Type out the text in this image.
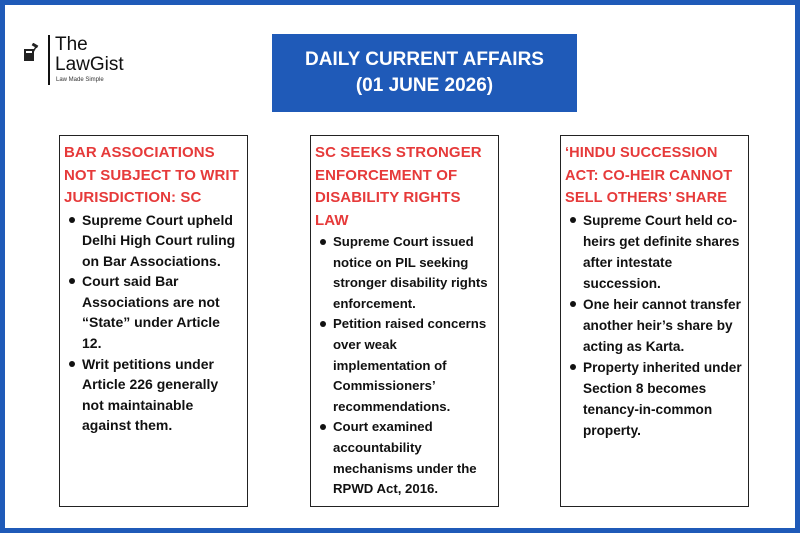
The
LawGist
Law Made Simple
DAILY CURRENT AFFAIRS
(01 JUNE 2026)
BAR ASSOCIATIONS NOT SUBJECT TO WRIT JURISDICTION: SC
Supreme Court upheld Delhi High Court ruling on Bar Associations.
Court said Bar Associations are not “State” under Article 12.
Writ petitions under Article 226 generally not maintainable against them.
SC SEEKS STRONGER ENFORCEMENT OF DISABILITY RIGHTS LAW
Supreme Court issued notice on PIL seeking stronger disability rights enforcement.
Petition raised concerns over weak implementation of Commissioners’ recommendations.
Court examined accountability mechanisms under the RPWD Act, 2016.
‘HINDU SUCCESSION ACT: CO-HEIR CANNOT SELL OTHERS’ SHARE
Supreme Court held co-heirs get definite shares after intestate succession.
One heir cannot transfer another heir’s share by acting as Karta.
Property inherited under Section 8 becomes tenancy-in-common property.
